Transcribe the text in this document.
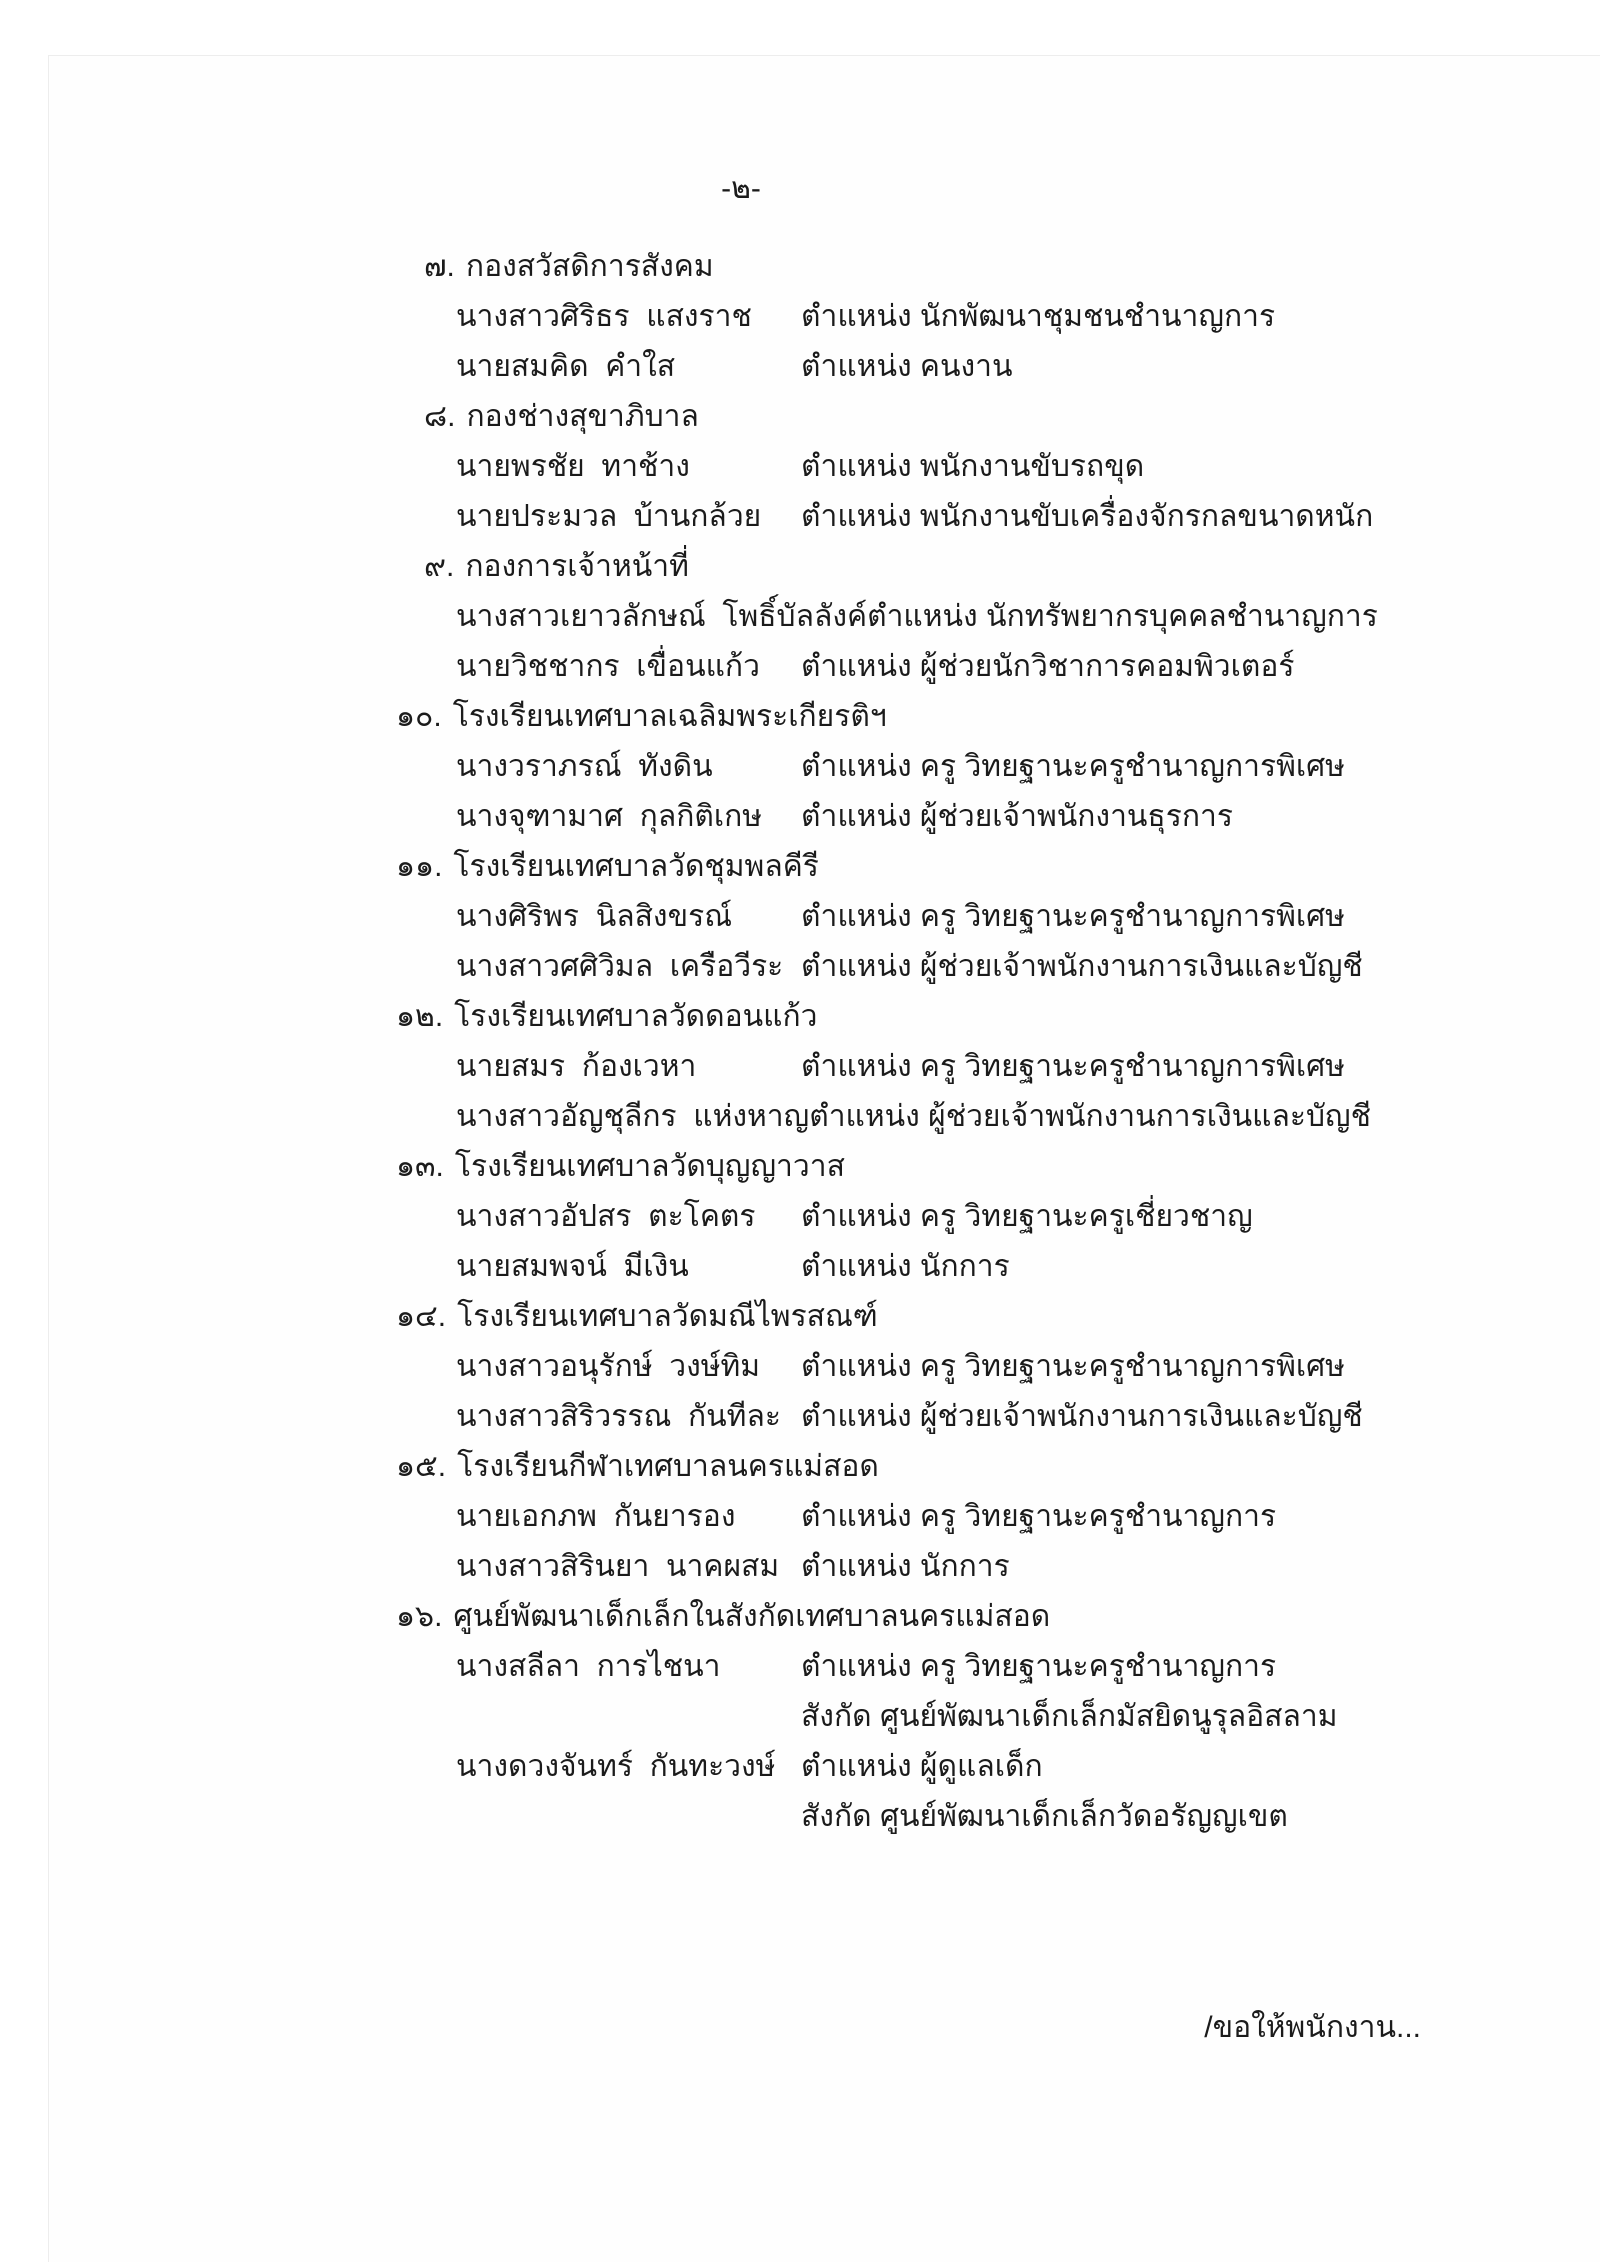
-๒-
๗. กองสวัสดิการสังคม
นางสาวศิริธร  แสงราช	ตำแหน่ง นักพัฒนาชุมชนชำนาญการ
นายสมคิด  คำใส	ตำแหน่ง คนงาน
๘. กองช่างสุขาภิบาล
นายพรชัย  ทาช้าง	ตำแหน่ง พนักงานขับรถขุด
นายประมวล  บ้านกล้วย	ตำแหน่ง พนักงานขับเครื่องจักรกลขนาดหนัก
๙. กองการเจ้าหน้าที่
นางสาวเยาวลักษณ์  โพธิ์บัลลังค์ ตำแหน่ง นักทรัพยากรบุคคลชำนาญการ
นายวิชชากร  เขื่อนแก้ว	ตำแหน่ง ผู้ช่วยนักวิชาการคอมพิวเตอร์
๑๐. โรงเรียนเทศบาลเฉลิมพระเกียรติฯ
นางวราภรณ์  ทังดิน	ตำแหน่ง ครู วิทยฐานะครูชำนาญการพิเศษ
นางจุฑามาศ  กุลกิติเกษ	ตำแหน่ง ผู้ช่วยเจ้าพนักงานธุรการ
๑๑. โรงเรียนเทศบาลวัดชุมพลคีรี
นางศิริพร  นิลสิงขรณ์	ตำแหน่ง ครู วิทยฐานะครูชำนาญการพิเศษ
นางสาวศศิวิมล  เครือวีระ ตำแหน่ง ผู้ช่วยเจ้าพนักงานการเงินและบัญชี
๑๒. โรงเรียนเทศบาลวัดดอนแก้ว
นายสมร  ก้องเวหา	ตำแหน่ง ครู วิทยฐานะครูชำนาญการพิเศษ
นางสาวอัญชุลีกร  แห่งหาญ ตำแหน่ง ผู้ช่วยเจ้าพนักงานการเงินและบัญชี
๑๓. โรงเรียนเทศบาลวัดบุญญาวาส
นางสาวอัปสร  ตะโคตร	ตำแหน่ง ครู วิทยฐานะครูเชี่ยวชาญ
นายสมพจน์  มีเงิน	ตำแหน่ง นักการ
๑๔. โรงเรียนเทศบาลวัดมณีไพรสณฑ์
นางสาวอนุรักษ์  วงษ์ทิม	ตำแหน่ง ครู วิทยฐานะครูชำนาญการพิเศษ
นางสาวสิริวรรณ  กันทีละ ตำแหน่ง ผู้ช่วยเจ้าพนักงานการเงินและบัญชี
๑๕. โรงเรียนกีฬาเทศบาลนครแม่สอด
นายเอกภพ  กันยารอง	ตำแหน่ง ครู วิทยฐานะครูชำนาญการ
นางสาวสิรินยา  นาคผสม ตำแหน่ง นักการ
๑๖. ศูนย์พัฒนาเด็กเล็กในสังกัดเทศบาลนครแม่สอด
นางสลีลา  การไชนา	ตำแหน่ง ครู วิทยฐานะครูชำนาญการ
สังกัด ศูนย์พัฒนาเด็กเล็กมัสยิดนูรุลอิสลาม
นางดวงจันทร์  กันทะวงษ์ ตำแหน่ง ผู้ดูแลเด็ก
สังกัด ศูนย์พัฒนาเด็กเล็กวัดอรัญญเขต
/ขอให้พนักงาน...
